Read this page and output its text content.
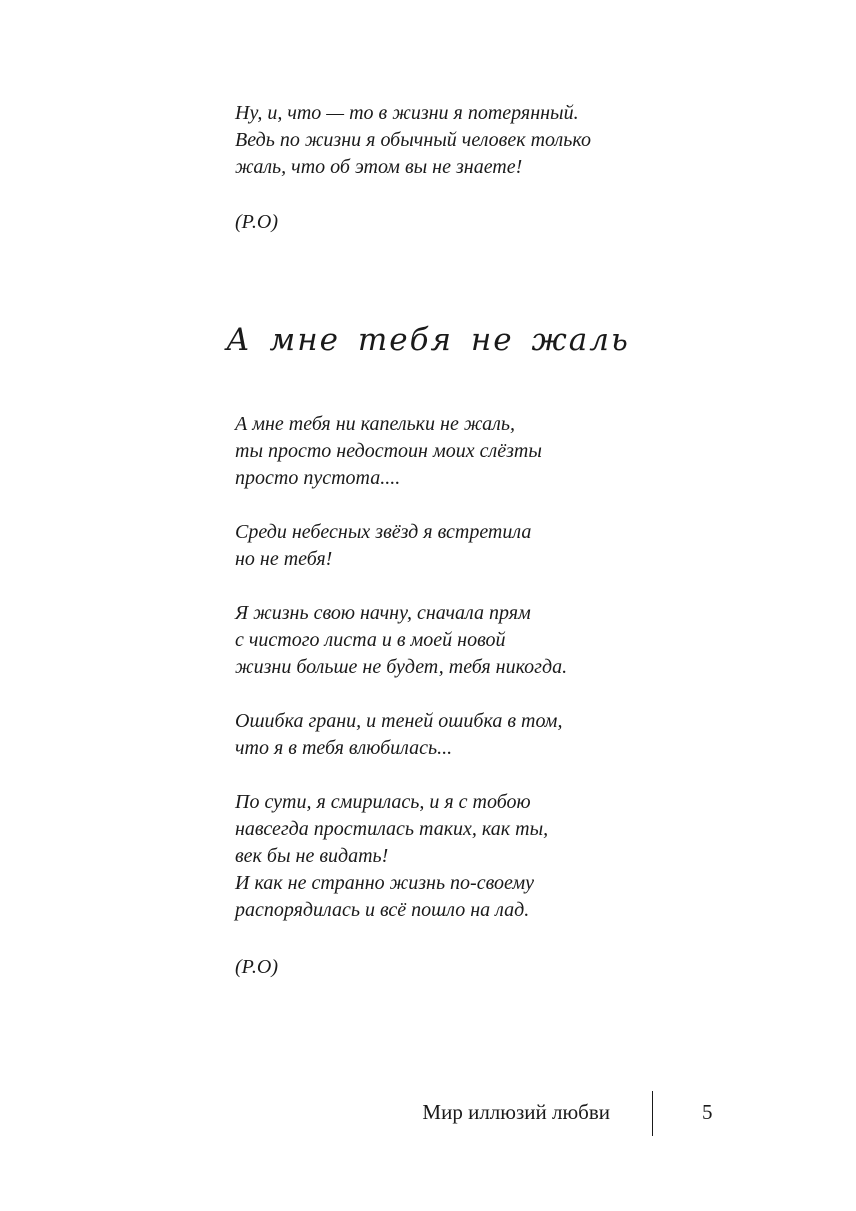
Ну, и, что — то в жизни я потерянный.
Ведь по жизни я обычный человек только
жаль, что об этом вы не знаете!
(Р.О)
А мне тебя не жаль
А мне тебя ни капельки не жаль,
ты просто недостоин моих слёзты
просто пустота....
Среди небесных звёзд я встретила
но не тебя!
Я жизнь свою начну, сначала прям
с чистого листа и в моей новой
жизни больше не будет, тебя никогда.
Ошибка грани, и теней ошибка в том,
что я в тебя влюбилась...
По сути, я смирилась, и я с тобою
навсегда простилась таких, как ты,
век бы не видать!
И как не странно жизнь по-своему
распорядилась и всё пошло на лад.
(Р.О)
Мир иллюзий любви	5
